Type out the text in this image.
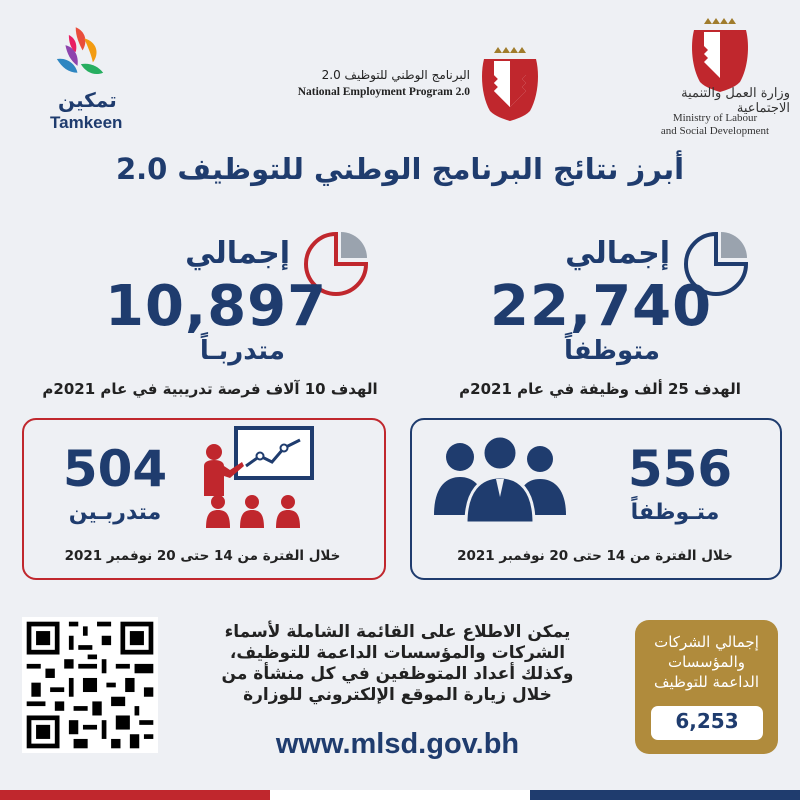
تمكين
Tamkeen
البرنامج الوطني للتوظيف 2.0
National Employment Program 2.0	وزارة العمل والتنمية الاجتماعية
Ministry of Labour
and Social Development
أبرز نتائج البرنامج الوطني للتوظيف 2.0
إجمالي
22,740
متوظفاً
الهدف 25 ألف وظيفة في عام 2021م
556
متـوظفاً
خلال الفترة من 14 حتى 20 نوفمبر 2021
إجمالي
10,897
متدربـاً
الهدف 10 آلاف فرصة تدريبية في عام 2021م
504
متدربـين
خلال الفترة من 14 حتى 20 نوفمبر 2021
يمكن الاطلاع على القائمة الشاملة لأسماء
الشركات والمؤسسات الداعمة للتوظيف،
وكذلك أعداد المتوظفين في كل منشأة من
خلال زيارة الموقع الإلكتروني للوزارة
www.mlsd.gov.bh
إجمالي الشركات
والمؤسسات
الداعمة للتوظيف
6,253
